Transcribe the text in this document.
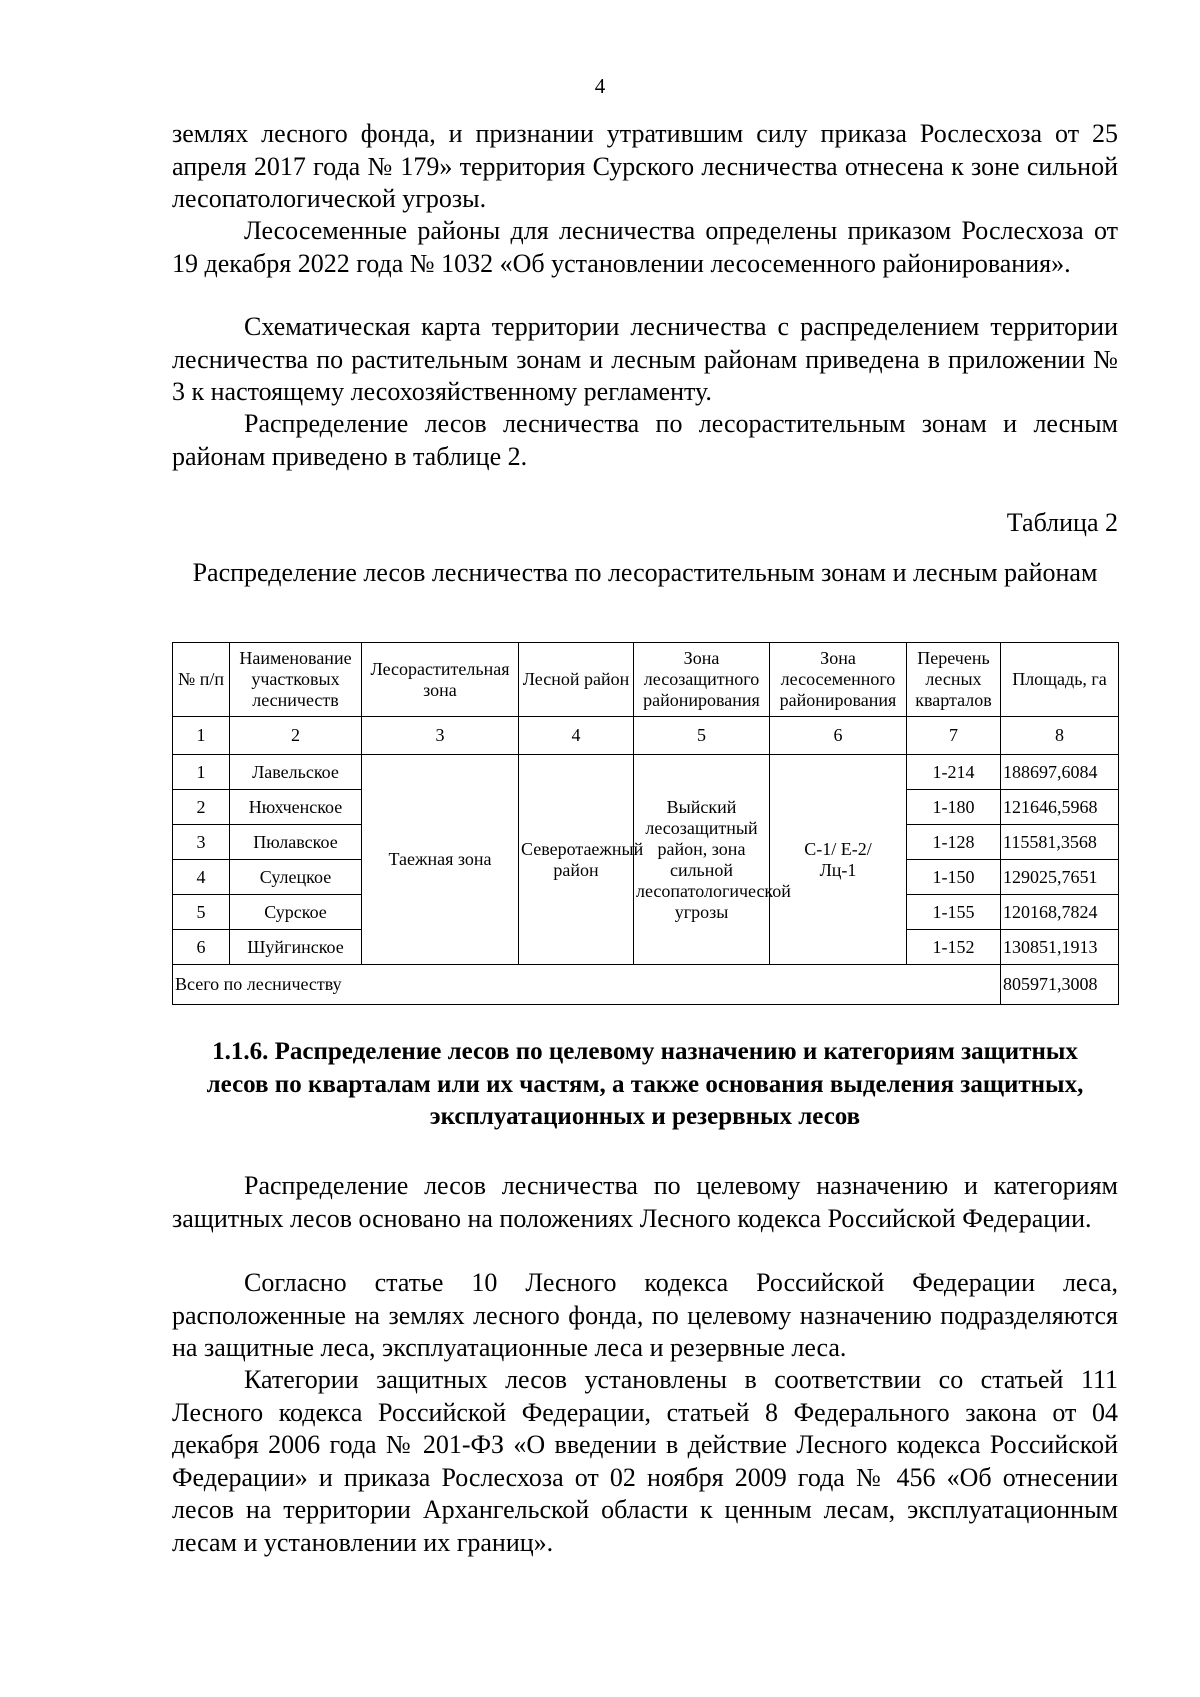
4

землях лесного фонда, и признании утратившим силу приказа Рослесхоза от 25 апреля 2017 года № 179» территория Сурского лесничества отнесена к зоне сильной лесопатологической угрозы.

Лесосеменные районы для лесничества определены приказом Рослесхоза от 19 декабря 2022 года № 1032 «Об установлении лесосеменного районирования».

Схематическая карта территории лесничества с распределением территории лесничества по растительным зонам и лесным районам приведена в приложении № 3 к настоящему лесохозяйственному регламенту.

Распределение лесов лесничества по лесорастительным зонам и лесным районам приведено в таблице 2.

Таблица 2
Распределение лесов лесничества по лесорастительным зонам и лесным районам
№ п/п	Наименование участковых лесничеств	Лесорастительная зона	Лесной район	Зона лесозащитного районирования	Зона лесосеменного районирования	Перечень лесных кварталов	Площадь, га
1	2	3	4	5	6	7	8
1	Лавельское	Таежная зона	Северотаежный район	Выйский лесозащитный район, зона сильной лесопатологической угрозы	С-1/ Е-2/ Лц-1	1-214	188697,6084
2	Нюхченское					1-180	121646,5968
3	Пюлавское					1-128	115581,3568
4	Сулецкое					1-150	129025,7651
5	Сурское					1-155	120168,7824
6	Шуйгинское					1-152	130851,1913
Всего по лесничеству							805971,3008

1.1.6. Распределение лесов по целевому назначению и категориям защитных лесов по кварталам или их частям, а также основания выделения защитных, эксплуатационных и резервных лесов

Распределение лесов лесничества по целевому назначению и категориям защитных лесов основано на положениях Лесного кодекса Российской Федерации.

Согласно статье 10 Лесного кодекса Российской Федерации леса, расположенные на землях лесного фонда, по целевому назначению подразделяются на защитные леса, эксплуатационные леса и резервные леса.

Категории защитных лесов установлены в соответствии со статьей 111 Лесного кодекса Российской Федерации, статьей 8 Федерального закона от 04 декабря 2006 года № 201-ФЗ «О введении в действие Лесного кодекса Российской Федерации» и приказа Рослесхоза от 02 ноября 2009 года № 456 «Об отнесении лесов на территории Архангельской области к ценным лесам, эксплуатационным лесам и установлении их границ».
